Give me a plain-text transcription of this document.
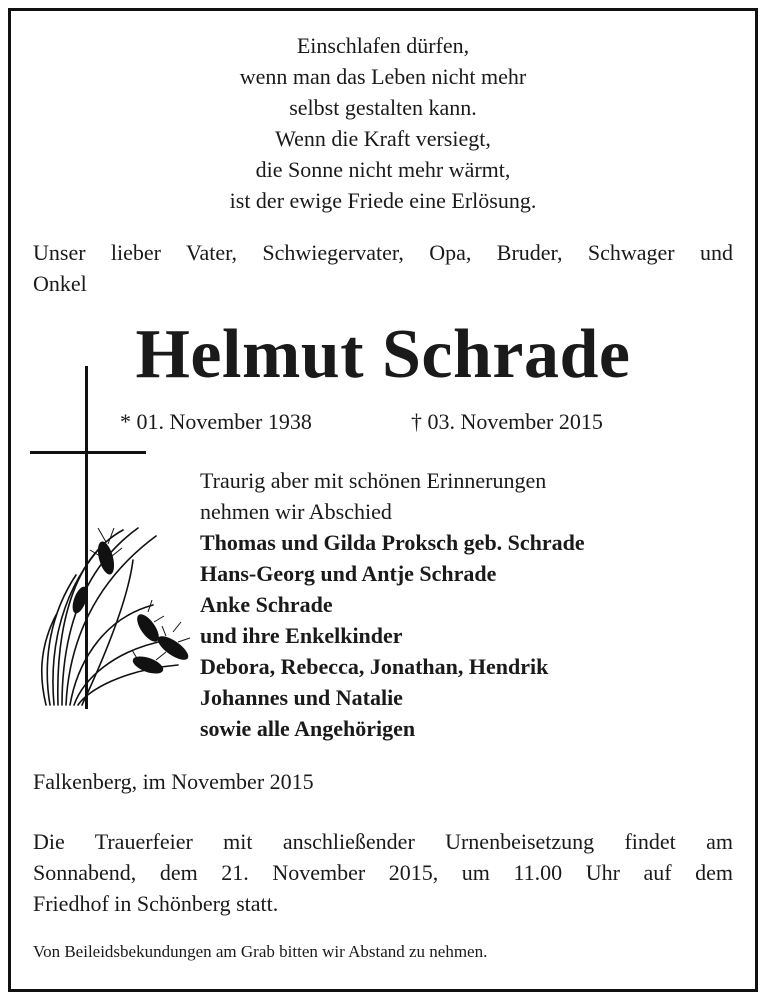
Einschlafen dürfen,
wenn man das Leben nicht mehr
selbst gestalten kann.
Wenn die Kraft versiegt,
die Sonne nicht mehr wärmt,
ist der ewige Friede eine Erlösung.
Unser lieber Vater, Schwiegervater, Opa, Bruder, Schwager und
Onkel
Helmut Schrade
* 01. November 1938	† 03. November 2015
Traurig aber mit schönen Erinnerungen
nehmen wir Abschied
Thomas und Gilda Proksch geb. Schrade
Hans-Georg und Antje Schrade
Anke Schrade
und ihre Enkelkinder
Debora, Rebecca, Jonathan, Hendrik
Johannes und Natalie
sowie alle Angehörigen
Falkenberg, im November 2015
Die Trauerfeier mit anschließender Urnenbeisetzung findet am
Sonnabend, dem 21. November 2015, um 11.00 Uhr auf dem
Friedhof in Schönberg statt.
Von Beileidsbekundungen am Grab bitten wir Abstand zu nehmen.
